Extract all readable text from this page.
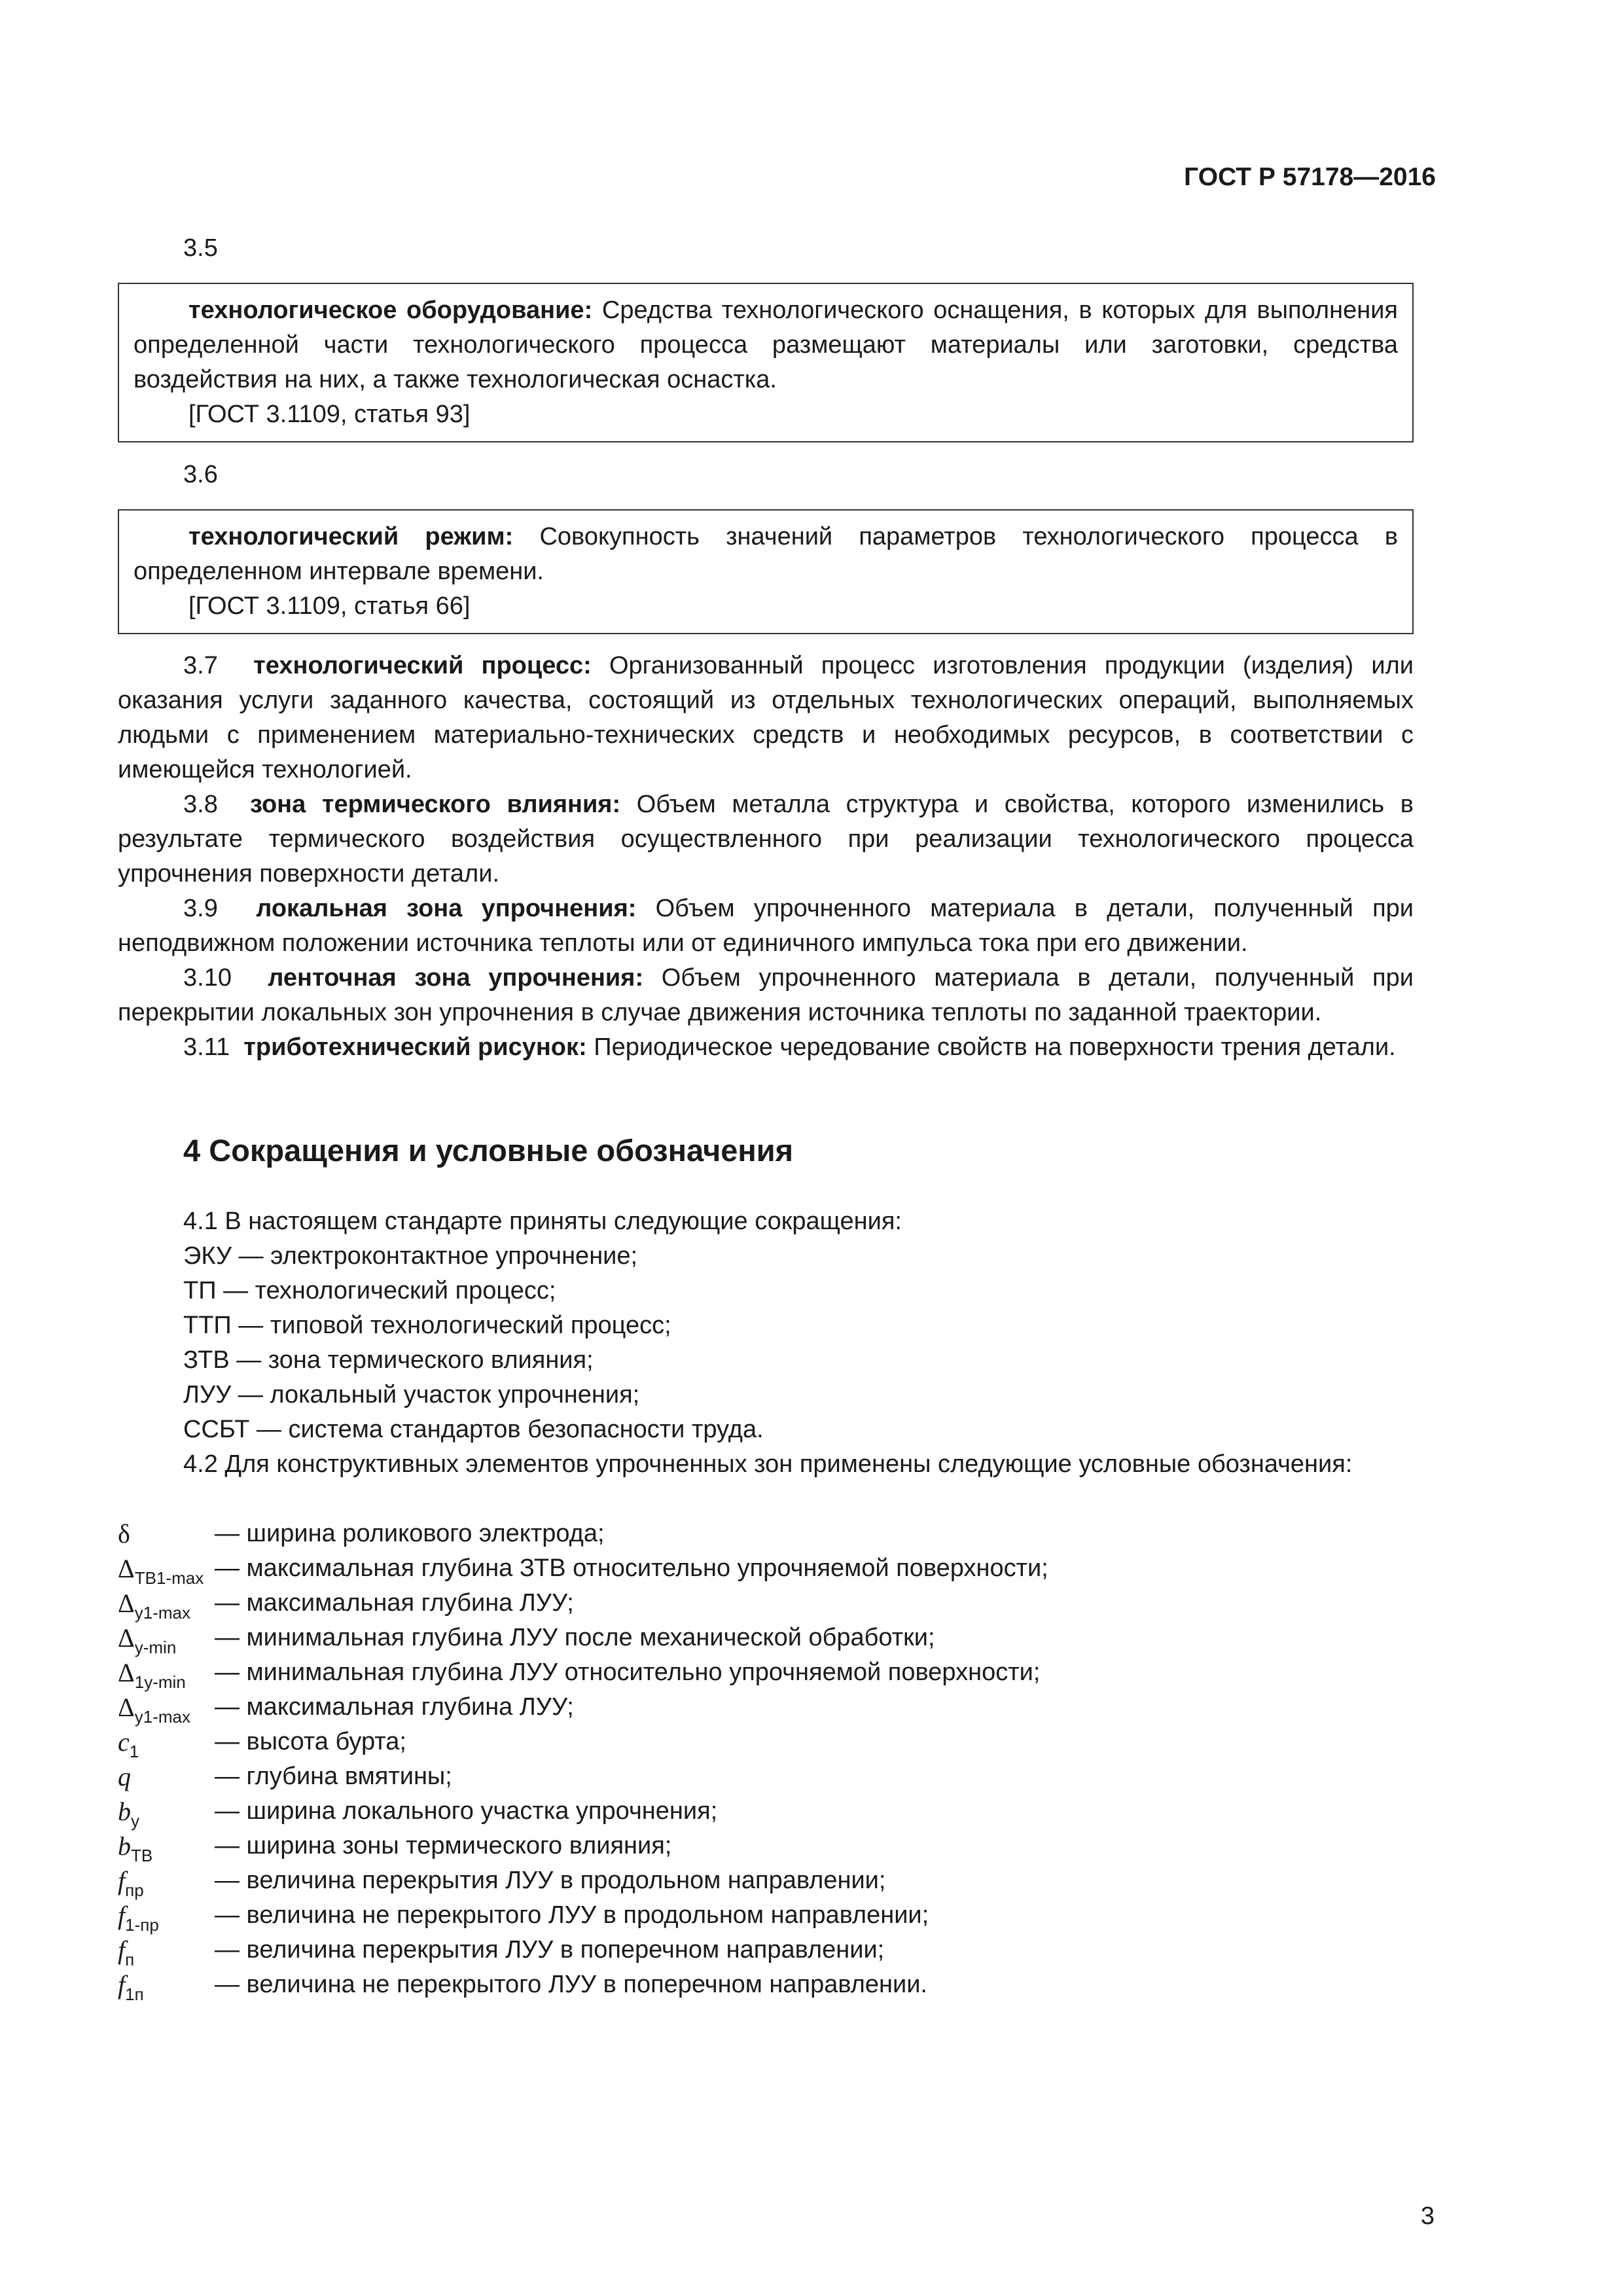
ГОСТ Р 57178—2016
3.5

технологическое оборудование: Средства технологического оснащения, в которых для выполнения определенной части технологического процесса размещают материалы или заготовки, средства воздействия на них, а также технологическая оснастка.

[ГОСТ 3.1109, статья 93]

3.6

технологический режим: Совокупность значений параметров технологического процесса в определенном интервале времени.

[ГОСТ 3.1109, статья 66]

3.7 технологический процесс: Организованный процесс изготовления продукции (изделия) или оказания услуги заданного качества, состоящий из отдельных технологических операций, выполняемых людьми с применением материально-технических средств и необходимых ресурсов, в соответствии с имеющейся технологией.

3.8 зона термического влияния: Объем металла структура и свойства, которого изменились в результате термического воздействия осуществленного при реализации технологического процесса упрочнения поверхности детали.

3.9 локальная зона упрочнения: Объем упрочненного материала в детали, полученный при неподвижном положении источника теплоты или от единичного импульса тока при его движении.

3.10 ленточная зона упрочнения: Объем упрочненного материала в детали, полученный при перекрытии локальных зон упрочнения в случае движения источника теплоты по заданной траектории.

3.11 триботехнический рисунок: Периодическое чередование свойств на поверхности трения детали.

4 Сокращения и условные обозначения

4.1 В настоящем стандарте приняты следующие сокращения:

ЭКУ — электроконтактное упрочнение;

ТП — технологический процесс;

ТТП — типовой технологический процесс;

ЗТВ — зона термического влияния;

ЛУУ — локальный участок упрочнения;

ССБТ — система стандартов безопасности труда.

4.2 Для конструктивных элементов упрочненных зон применены следующие условные обозначения:

δ	— ширина роликового электрода;
$\Delta_{ТВ1-max}$ — максимальная глубина ЗТВ относительно упрочняемой поверхности;
$\Delta_{у1-max}$ — максимальная глубина ЛУУ;
$\Delta_{у-min}$ — минимальная глубина ЛУУ после механической обработки;
$\Delta_{1у-min}$ — минимальная глубина ЛУУ относительно упрочняемой поверхности;
$\Delta_{у1-max}$ — максимальная глубина ЛУУ;
$c_1$	— высота бурта;
q	— глубина вмятины;
$b_у$	— ширина локального участка упрочнения;
$b_{ТВ}$ — ширина зоны термического влияния;
$f_{пр}$	— величина перекрытия ЛУУ в продольном направлении;
$f_{1-пр}$ — величина не перекрытого ЛУУ в продольном направлении;
$f_п$	— величина перекрытия ЛУУ в поперечном направлении;
$f_{1п}$	— величина не перекрытого ЛУУ в поперечном направлении.
3
